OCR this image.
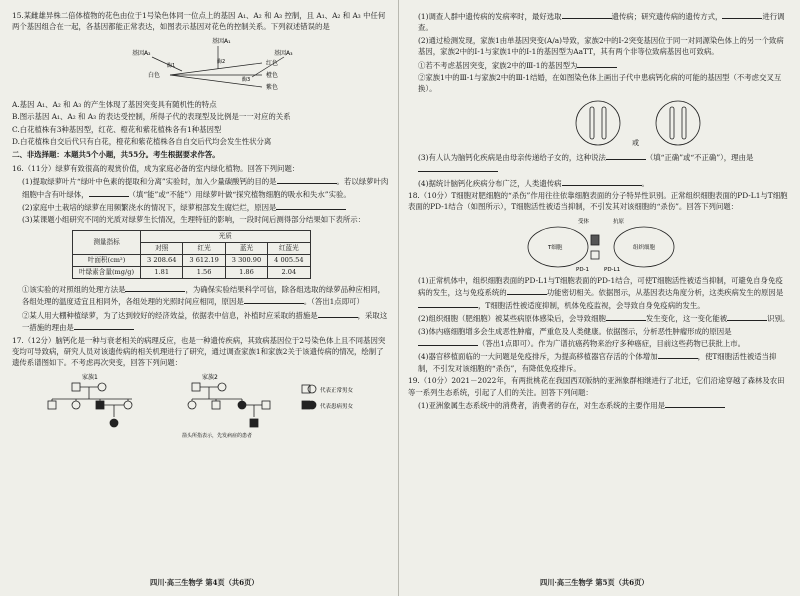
15.某雌雄异株二倍体植物的花色由位于1号染色体同一位点上的基因 A₁、A₂ 和 A₃ 控制，且 A₁、A₂ 和 A₃ 中任何两个基因组合在一起，各基因都能正常表达，如图表示基因对花色的控制关系。下列叙述错误的是

基因A₁
基因A₂	基因A₃
白色
酶1
酶2
酶3
红色
橙色
紫色

A.基因 A₁、A₂ 和 A₃ 的产生体现了基因突变具有随机性的特点

B.图示基因 A₁、A₂ 和 A₃ 的表达受控制，所得子代的表现型及比例是一一对应的关系

C.白花植株有3种基因型，红花、橙花和紫花植株各有1种基因型

D.白花植株自交后代只有白花，橙花和紫花植株各自自交后代均会发生性状分离

二、非选择题：本题共5个小题，共55分。考生根据要求作答。

16.（11分）绿萝有致很高的观赏价值，成为家庭必备的室内绿化植物。回答下列问题：

(1)提取绿萝叶片“绿叶中色素的提取和分离”实验时，加入少量碳酸钙的目的是	。若以绿萝叶肉细胞中含有叶绿体，	（填“能”或“不能”）用绿萝叶做“探究植物细胞的吸水和失水”实验。

(2)家庭中土栽培的绿萝在用频繁浇水的情况下，绿萝根部发生腐烂烂，原因是

(3)某课题小组研究不同的光质对绿萝生长情况，生理特征的影响，一段时间后测得部分结果如下表所示：

测量指标	光质			
	对照	红光	蓝光	红蓝光
叶面积(cm²)	3 208.64	3 612.19	3 300.90	4 005.54
叶绿素含量(mg/g)	1.81	1.56	1.86	2.04

①该实验的对照组的处理方法是	，为确保实验结果科学可信，除各组选取的绿萝品种应相同，各组处理的温度适宜且相同外，各组处理的光照时间应相同，原因是	。（答出1点即可）

②某人用大棚种植绿萝，为了达到较好的经济效益，依据表中信息，补植时应采取的措施是	，采取这一措施的理由是

17.（12分）脑钙化是一种与衰老相关的病理反应，也是一种遗传疾病，其致病基因位于2号染色体上且不同基因突变均可导致病，研究人员对该遗传病的相关机理进行了研究，通过调查家族1和家族2关于该遗传病的情况，绘制了遗传系谱图如下。不考虑再次突变，回答下列问题：

家族1	家族2
代表正常男女
代表患病男女
箭头所指表示，先发病症的患者
四川·高三生物学 第4页（共6页）

(1)调查人群中遗传病的发病率时，最好选取	遗传病；研究遗传病的遗传方式，	进行调查。

(2)通过检测发现，家族1由单基因突变(A/a)导致，家族2中的Ⅰ-2突变基因位于同一对同源染色体上的另一个致病基因，家族2中的Ⅰ-1与家族1中的Ⅰ-1的基因型为AaTT，其有两个非等位致病基因也可致病。

①若不考虑基因突变，家族2中的Ⅲ-1的基因型为

②家族1中的Ⅲ-1与家族2中的Ⅲ-1结婚，在如图染色体上画出子代中患病钙化病的可能的基因型（不考虑交叉互换）。

或

(3)有人认为脑钙化疾病是由母亲传递给子女的，这种说法	（填“正确”或“不正确”），理由是

(4)据统计脑钙化疾病分布广泛，人类遗传病	。

18.（10分）T细胞对肥细胞的“杀伤”作用往往依靠细胞表面的分子特异性识别。正常组织细胞表面的PD-L1与T细胞表面的PD-1结合（如图所示），T细胞活性被适当抑制，不引发其对该细胞的“杀伤”。回答下列问题：

受体	抗原
T细胞
PD-1	PD-L1
组织细胞

(1)正常机体中，组织细胞表面的PD-L1与T细胞表面的PD-1结合，可使T细胞活性被适当抑制，可避免自身免疫病的发生，这与免疫系统的	功能密切相关。依据图示，从基因表达角度分析，这类疾病发生的原因是，T细胞活性被适度抑制，机体免疫监视，会导致自身免疫病的发生。

(2)组织细胞（肥细胞）被某些病原体感染后，会导致细胞	发生变化，这一变化能被	识别。

(3)体内癌细胞增多会生成恶性肿瘤，严重危及人类健康。依据图示，分析恶性肿瘤形成的原因是（答出1点即可）。作为广谱抗癌药物来治疗多种癌症，目前这些药物已获批上市。

(4)器官移植面临的一大问题是免疫排斥，为提高移植器官存活的个体增加	，使T细胞活性被适当抑制，不引发对该细胞的“杀伤”，有降低免疫排斥。

19.（10分）2021－2022年，有两批桃花在我国西双版纳的亚洲象群相继进行了北迁，它们沿途穿越了森林及农田等一系列生态系统，引起了人们的关注。回答下列问题：

(1)亚洲象属生态系统中的消费者，消费者的存在，对生态系统的主要作用是

四川·高三生物学 第5页（共6页）
